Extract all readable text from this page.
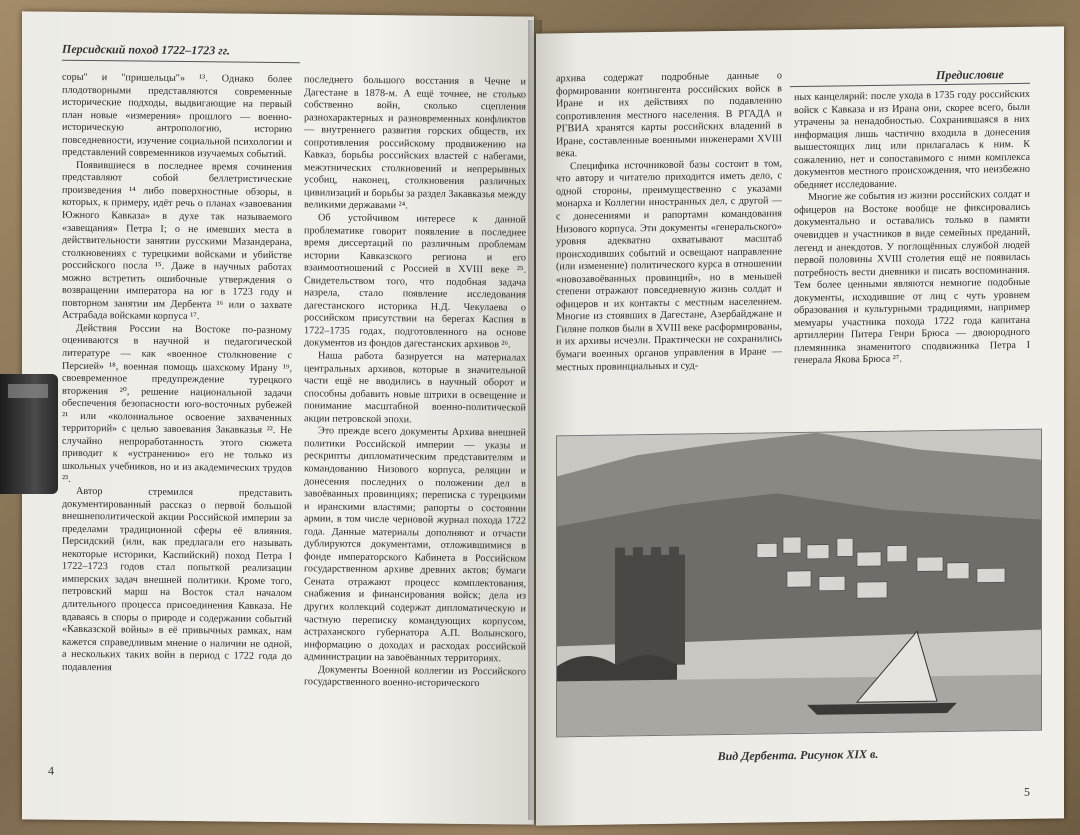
Персидский поход 1722–1723 гг.

соры" и "пришельцы"» ¹³. Однако более плодотворными представляются современные исторические подходы, выдвигающие на первый план новые «измерения» прошлого — военно-историческую антропологию, историю повседневности, изучение социальной психологии и представлений современников изучаемых событий.

Появившиеся в последнее время сочинения представляют собой беллетристические произведения ¹⁴ либо поверхностные обзоры, в которых, к примеру, идёт речь о планах «завоевания Южного Кавказа» в духе так называемого «завещания» Петра I; о не имевших места в действительности занятии русскими Мазандерана, столкновениях с турецкими войсками и убийстве российского посла ¹⁵. Даже в научных работах можно встретить ошибочные утверждения о возвращении императора на юг в 1723 году и повторном занятии им Дербента ¹⁶ или о захвате Астрабада войсками корпуса ¹⁷.

Действия России на Востоке по-разному оцениваются в научной и педагогической литературе — как «военное столкновение с Персией» ¹⁸, военная помощь шахскому Ирану ¹⁹, своевременное предупреждение турецкого вторжения ²⁰, решение национальной задачи обеспечения безопасности юго-восточных рубежей ²¹ или «колониальное освоение захваченных территорий» с целью завоевания Закавказья ²². Не случайно непроработанность этого сюжета приводит к «устранению» его не только из школьных учебников, но и из академических трудов ²³.

Автор стремился представить документированный рассказ о первой большой внешнеполитической акции Российской империи за пределами традиционной сферы её влияния. Персидский (или, как предлагали его называть некоторые историки, Каспийский) поход Петра I 1722–1723 годов стал попыткой реализации имперских задач внешней политики. Кроме того, петровский марш на Восток стал началом длительного процесса присоединения Кавказа. Не вдаваясь в споры о природе и содержании событий «Кавказской войны» в её привычных рамках, нам кажется справедливым мнение о наличии не одной, а нескольких таких войн в период с 1722 года до подавления

последнего большого восстания в Чечне и Дагестане в 1878-м. А ещё точнее, не столько собственно войн, сколько сцепления разнохарактерных и разновременных конфликтов — внутреннего развития горских обществ, их сопротивления российскому продвижению на Кавказ, борьбы российских властей с набегами, межэтнических столкновений и непрерывных усобиц, наконец, столкновения различных цивилизаций и борьбы за раздел Закавказья между великими державами ²⁴.

Об устойчивом интересе к данной проблематике говорит появление в последнее время диссертаций по различным проблемам истории Кавказского региона и его взаимоотношений с Россией в XVIII веке ²⁵. Свидетельством того, что подобная задача назрела, стало появление исследования дагестанского историка Н.Д. Чекулаева о российском присутствии на берегах Каспия в 1722–1735 годах, подготовленного на основе документов из фондов дагестанских архивов ²⁶.

Наша работа базируется на материалах центральных архивов, которые в значительной части ещё не вводились в научный оборот и способны добавить новые штрихи в освещение и понимание масштабной военно-политической акции петровской эпохи.

Это прежде всего документы Архива внешней политики Российской империи — указы и рескрипты дипломатическим представителям и командованию Низового корпуса, реляции и донесения последних о положении дел в завоёванных провинциях; переписка с турецкими и иранскими властями; рапорты о состоянии армии, в том числе черновой журнал похода 1722 года. Данные материалы дополняют и отчасти дублируются документами, отложившимися в фонде императорского Кабинета в Российском государственном архиве древних актов; бумаги Сената отражают процесс комплектования, снабжения и финансирования войск; дела из других коллекций содержат дипломатическую и частную переписку командующих корпусом, астраханского губернатора А.П. Волынского, информацию о доходах и расходах российской администрации на завоёванных территориях.

Документы Военной коллегии из Российского государственного военно-исторического

4
Предисловие

архива содержат подробные данные о формировании контингента российских войск в Иране и их действиях по подавлению сопротивления местного населения. В РГАДА и РГВИА хранятся карты российских владений в Иране, составленные военными инженерами XVIII века.

Специфика источниковой базы состоит в том, что автору и читателю приходится иметь дело, с одной стороны, преимущественно с указами монарха и Коллегии иностранных дел, с другой — с донесениями и рапортами командования Низового корпуса. Эти документы «генеральского» уровня адекватно охватывают масштаб происходивших событий и освещают направление (или изменение) политического курса в отношении «новозавоёванных провинций», но в меньшей степени отражают повседневную жизнь солдат и офицеров и их контакты с местным населением. Многие из стоявших в Дагестане, Азербайджане и Гиляне полков были в XVIII веке расформированы, и их архивы исчезли. Практически не сохранились бумаги военных органов управления в Иране — местных провинциальных и суд-

ных канцелярий: после ухода в 1735 году российских войск с Кавказа и из Ирана они, скорее всего, были утрачены за ненадобностью. Сохранившаяся в них информация лишь частично входила в донесения вышестоящих лиц или прилагалась к ним. К сожалению, нет и сопоставимого с ними комплекса документов местного происхождения, что неизбежно обедняет исследование.

Многие же события из жизни российских солдат и офицеров на Востоке вообще не фиксировались документально и оставались только в памяти очевидцев и участников в виде семейных преданий, легенд и анекдотов. У поглощённых службой людей первой половины XVIII столетия ещё не появилась потребность вести дневники и писать воспоминания. Тем более ценными являются немногие подобные документы, исходившие от лиц с чуть уровнем образования и культурными традициями, например мемуары участника похода 1722 года капитана артиллерии Питера Генри Брюса — двоюродного племянника знаменитого сподвижника Петра I генерала Якова Брюса ²⁷.

Вид Дербента. Рисунок XIX в.
5
